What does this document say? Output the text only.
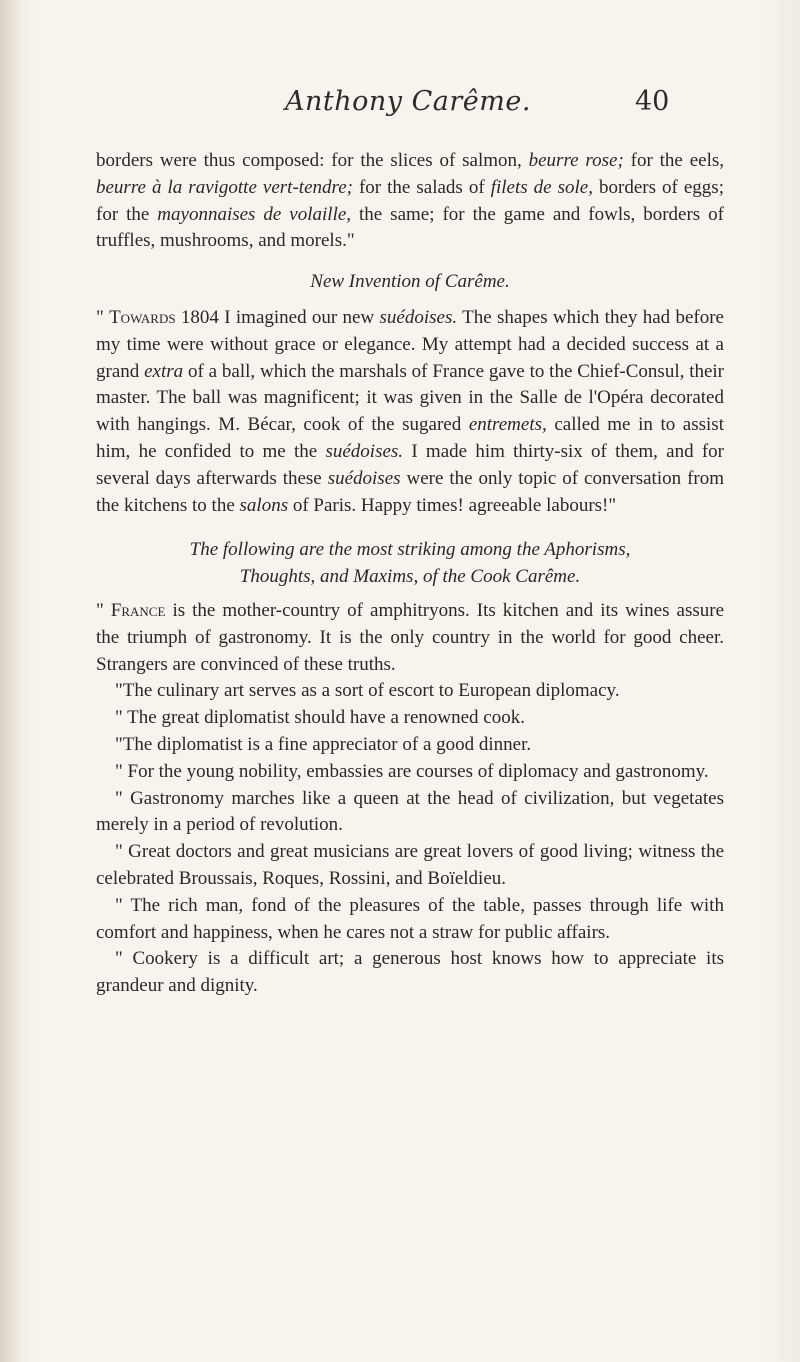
Anthony Carême.	40

borders were thus composed: for the slices of salmon, beurre rose; for the eels, beurre à la ravigotte vert-tendre; for the salads of filets de sole, borders of eggs; for the mayonnaises de volaille, the same; for the game and fowls, borders of truffles, mushrooms, and morels."

New Invention of Carême.

" Towards 1804 I imagined our new suédoises. The shapes which they had before my time were without grace or elegance. My attempt had a decided success at a grand extra of a ball, which the marshals of France gave to the Chief-Consul, their master. The ball was magnificent; it was given in the Salle de l'Opéra decorated with hangings. M. Bécar, cook of the sugared entremets, called me in to assist him, he confided to me the suédoises. I made him thirty-six of them, and for several days afterwards these suédoises were the only topic of conversation from the kitchens to the salons of Paris. Happy times! agreeable labours!"

The following are the most striking among the Aphorisms,
Thoughts, and Maxims, of the Cook Carême.

" France is the mother-country of amphitryons. Its kitchen and its wines assure the triumph of gastronomy. It is the only country in the world for good cheer. Strangers are convinced of these truths.

"The culinary art serves as a sort of escort to European diplomacy.

" The great diplomatist should have a renowned cook.

"The diplomatist is a fine appreciator of a good dinner.

" For the young nobility, embassies are courses of diplomacy and gastronomy.

" Gastronomy marches like a queen at the head of civilization, but vegetates merely in a period of revolution.

" Great doctors and great musicians are great lovers of good living; witness the celebrated Broussais, Roques, Rossini, and Boïeldieu.

" The rich man, fond of the pleasures of the table, passes through life with comfort and happiness, when he cares not a straw for public affairs.

" Cookery is a difficult art; a generous host knows how to appreciate its grandeur and dignity.
